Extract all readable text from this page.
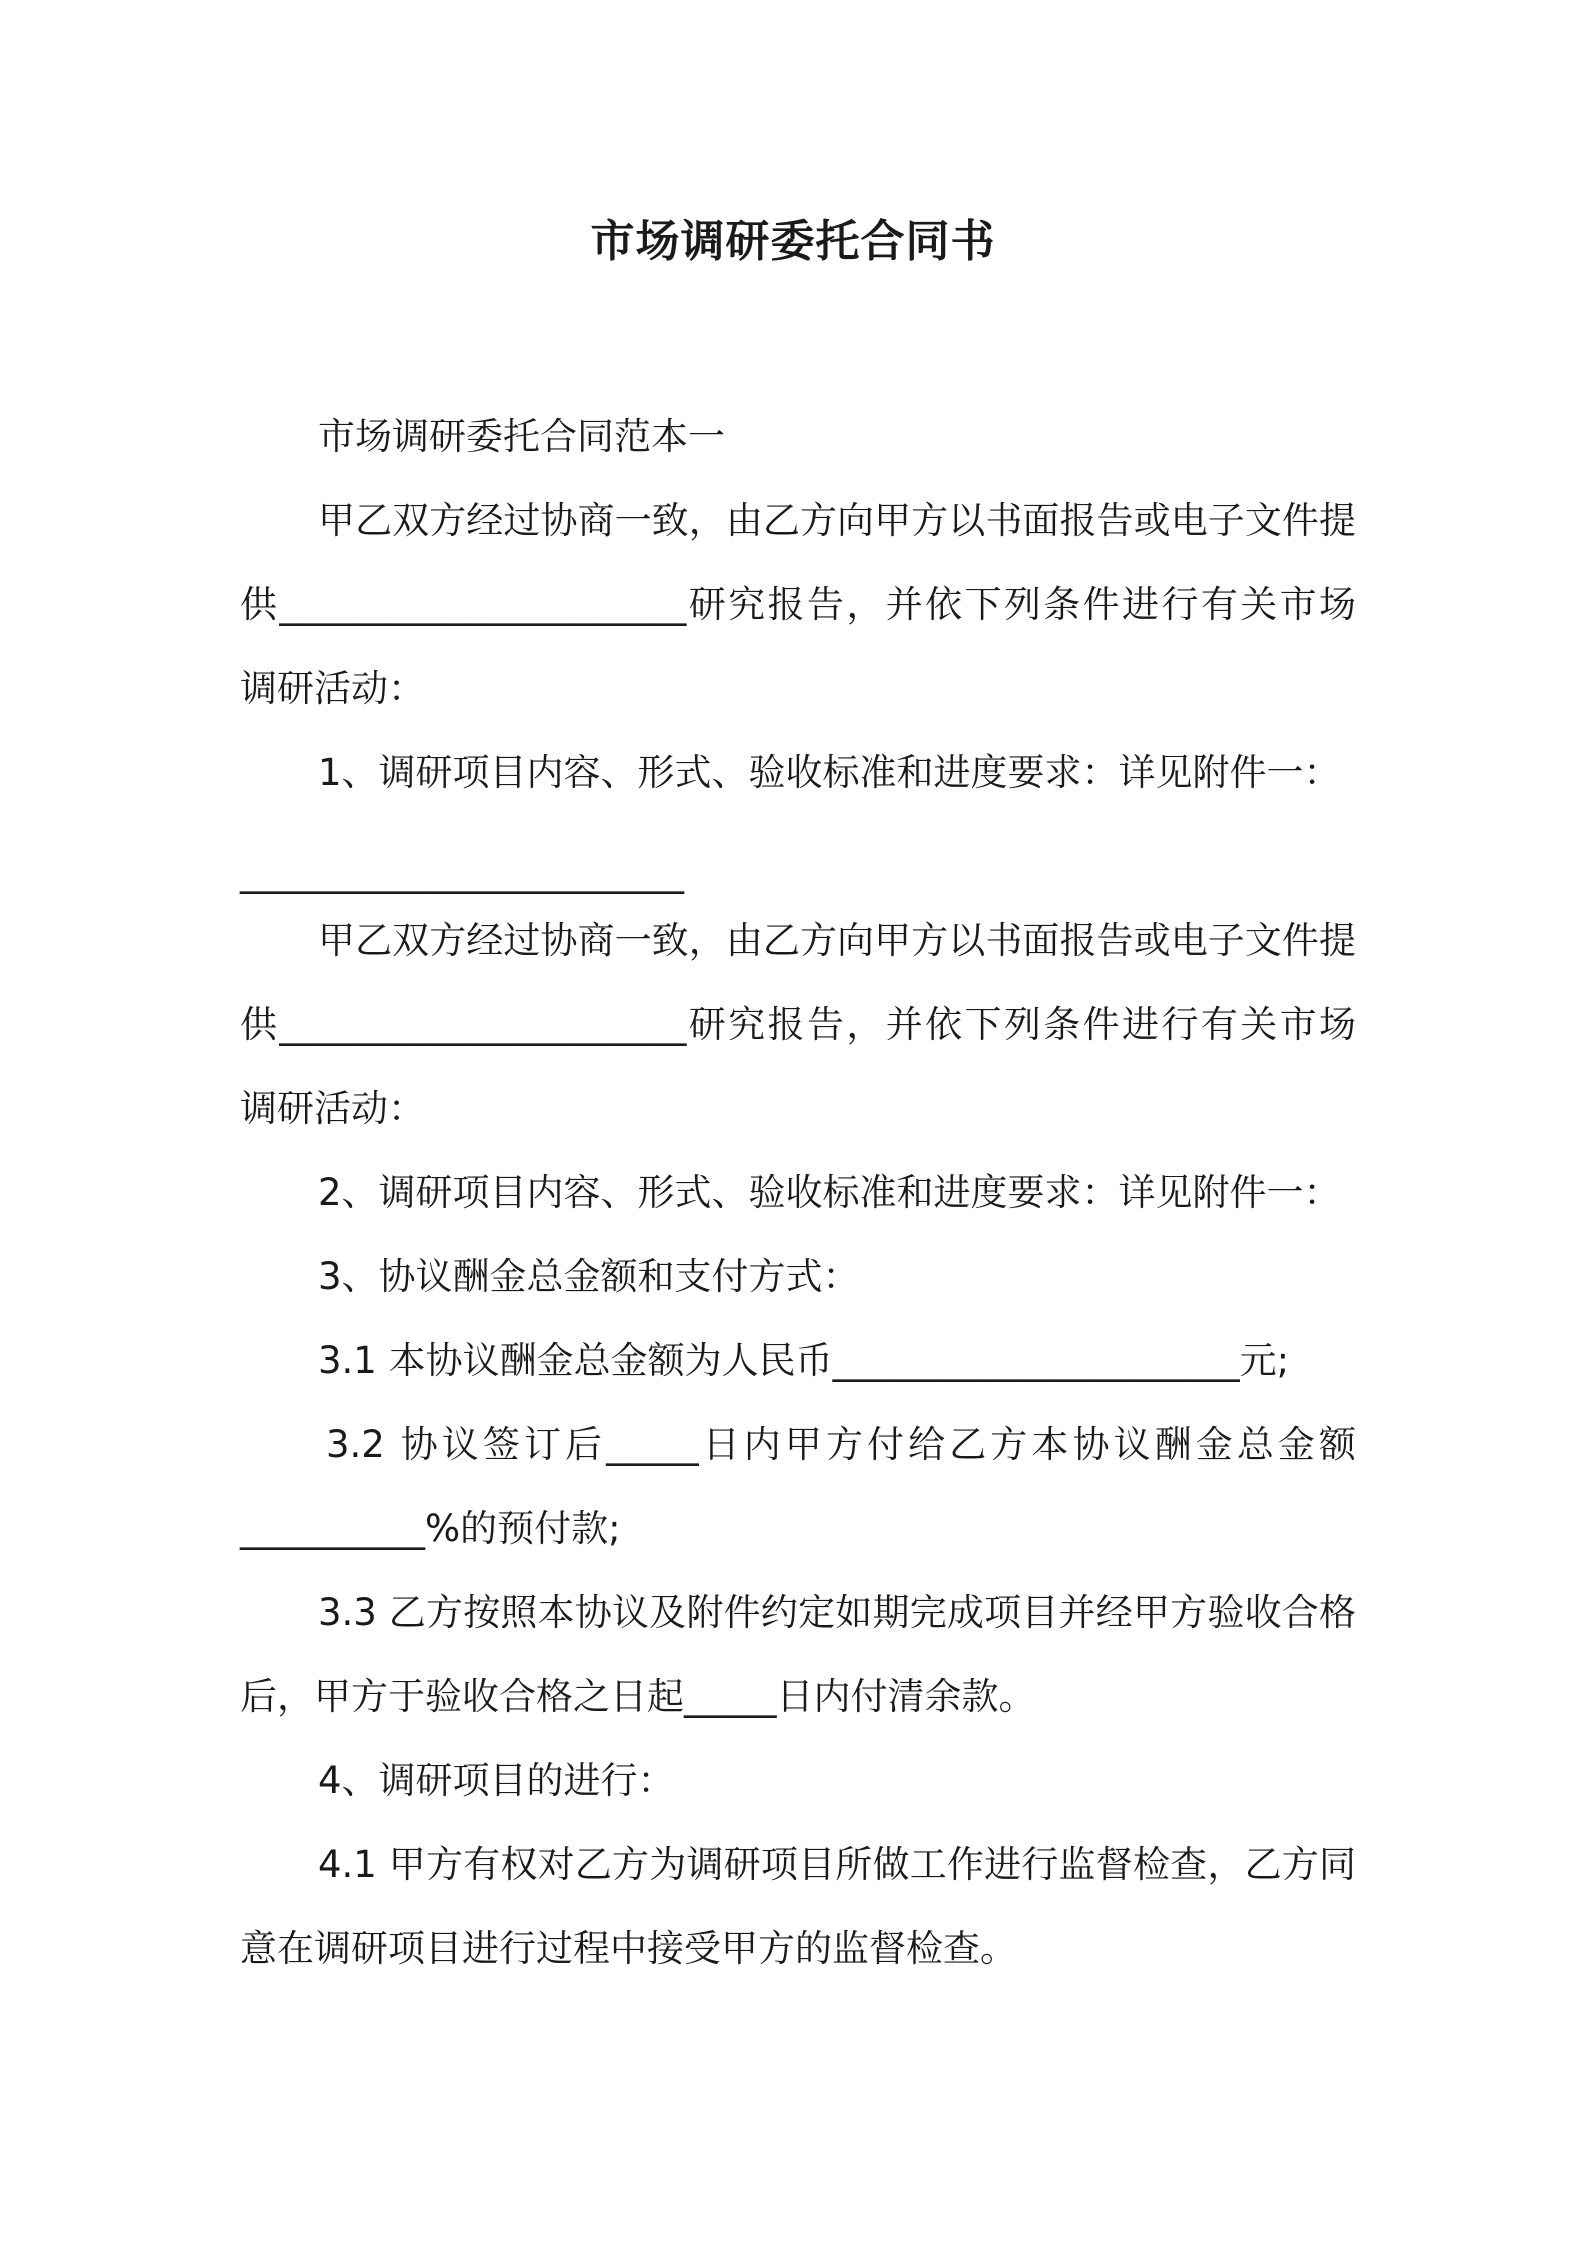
市场调研委托合同书
市场调研委托合同范本一
甲乙双方经过协商一致，由乙方向甲方以书面报告或电子文件提
供______________________研究报告，并依下列条件进行有关市场
调研活动：
1、调研项目内容、形式、验收标准和进度要求：详见附件一：
________________________
甲乙双方经过协商一致，由乙方向甲方以书面报告或电子文件提
供______________________研究报告，并依下列条件进行有关市场
调研活动：
2、调研项目内容、形式、验收标准和进度要求：详见附件一：
3、协议酬金总金额和支付方式：
3.1 本协议酬金总金额为人民币______________________元;
3.2 协议签订后_____日内甲方付给乙方本协议酬金总金额
__________%的预付款;
3.3 乙方按照本协议及附件约定如期完成项目并经甲方验收合格
后，甲方于验收合格之日起_____日内付清余款。
4、调研项目的进行：
4.1 甲方有权对乙方为调研项目所做工作进行监督检查，乙方同
意在调研项目进行过程中接受甲方的监督检查。
